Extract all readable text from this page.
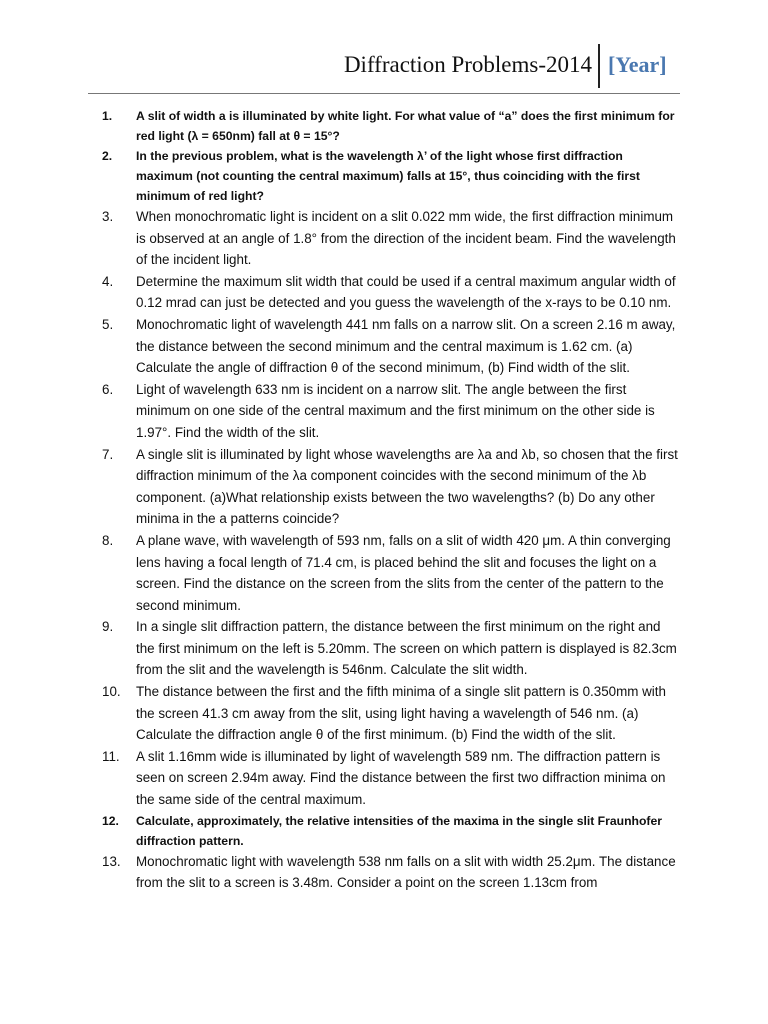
Diffraction Problems-2014 [Year]
1.	A slit of width a is illuminated by white light. For what value of “a” does the first minimum for red light (λ = 650nm) fall at θ = 15°?
2.	In the previous problem, what is the wavelength λ’ of the light whose first diffraction maximum (not counting the central maximum) falls at 15°, thus coinciding with the first minimum of red light?
3.	When monochromatic light is incident on a slit 0.022 mm wide, the first diffraction minimum is observed at an angle of 1.8° from the direction of the incident beam. Find the wavelength of the incident light.
4.	Determine the maximum slit width that could be used if a central maximum angular width of 0.12 mrad can just be detected and you guess the wavelength of the x-rays to be 0.10 nm.
5.	Monochromatic light of wavelength 441 nm falls on a narrow slit. On a screen 2.16 m away, the distance between the second minimum and the central maximum is 1.62 cm. (a) Calculate the angle of diffraction θ of the second minimum, (b) Find width of the slit.
6.	Light of wavelength 633 nm is incident on a narrow slit. The angle between the first minimum on one side of the central maximum and the first minimum on the other side is 1.97°. Find the width of the slit.
7.	A single slit is illuminated by light whose wavelengths are λa and λb, so chosen that the first diffraction minimum of the λa component coincides with the second minimum of the λb component. (a)What relationship exists between the two wavelengths? (b) Do any other minima in the a patterns coincide?
8.	A plane wave, with wavelength of 593 nm, falls on a slit of width 420 μm. A thin converging lens having a focal length of 71.4 cm, is placed behind the slit and focuses the light on a screen. Find the distance on the screen from the slits from the center of the pattern to the second minimum.
9.	In a single slit diffraction pattern, the distance between the first minimum on the right and the first minimum on the left is 5.20mm. The screen on which pattern is displayed is 82.3cm from the slit and the wavelength is 546nm. Calculate the slit width.
10.	The distance between the first and the fifth minima of a single slit pattern is 0.350mm with the screen 41.3 cm away from the slit, using light having a wavelength of 546 nm. (a) Calculate the diffraction angle θ of the first minimum. (b) Find the width of the slit.
11.	A slit 1.16mm wide is illuminated by light of wavelength 589 nm. The diffraction pattern is seen on screen 2.94m away. Find the distance between the first two diffraction minima on the same side of the central maximum.
12.	Calculate, approximately, the relative intensities of the maxima in the single slit Fraunhofer diffraction pattern.
13.	Monochromatic light with wavelength 538 nm falls on a slit with width 25.2μm. The distance from the slit to a screen is 3.48m. Consider a point on the screen 1.13cm from
